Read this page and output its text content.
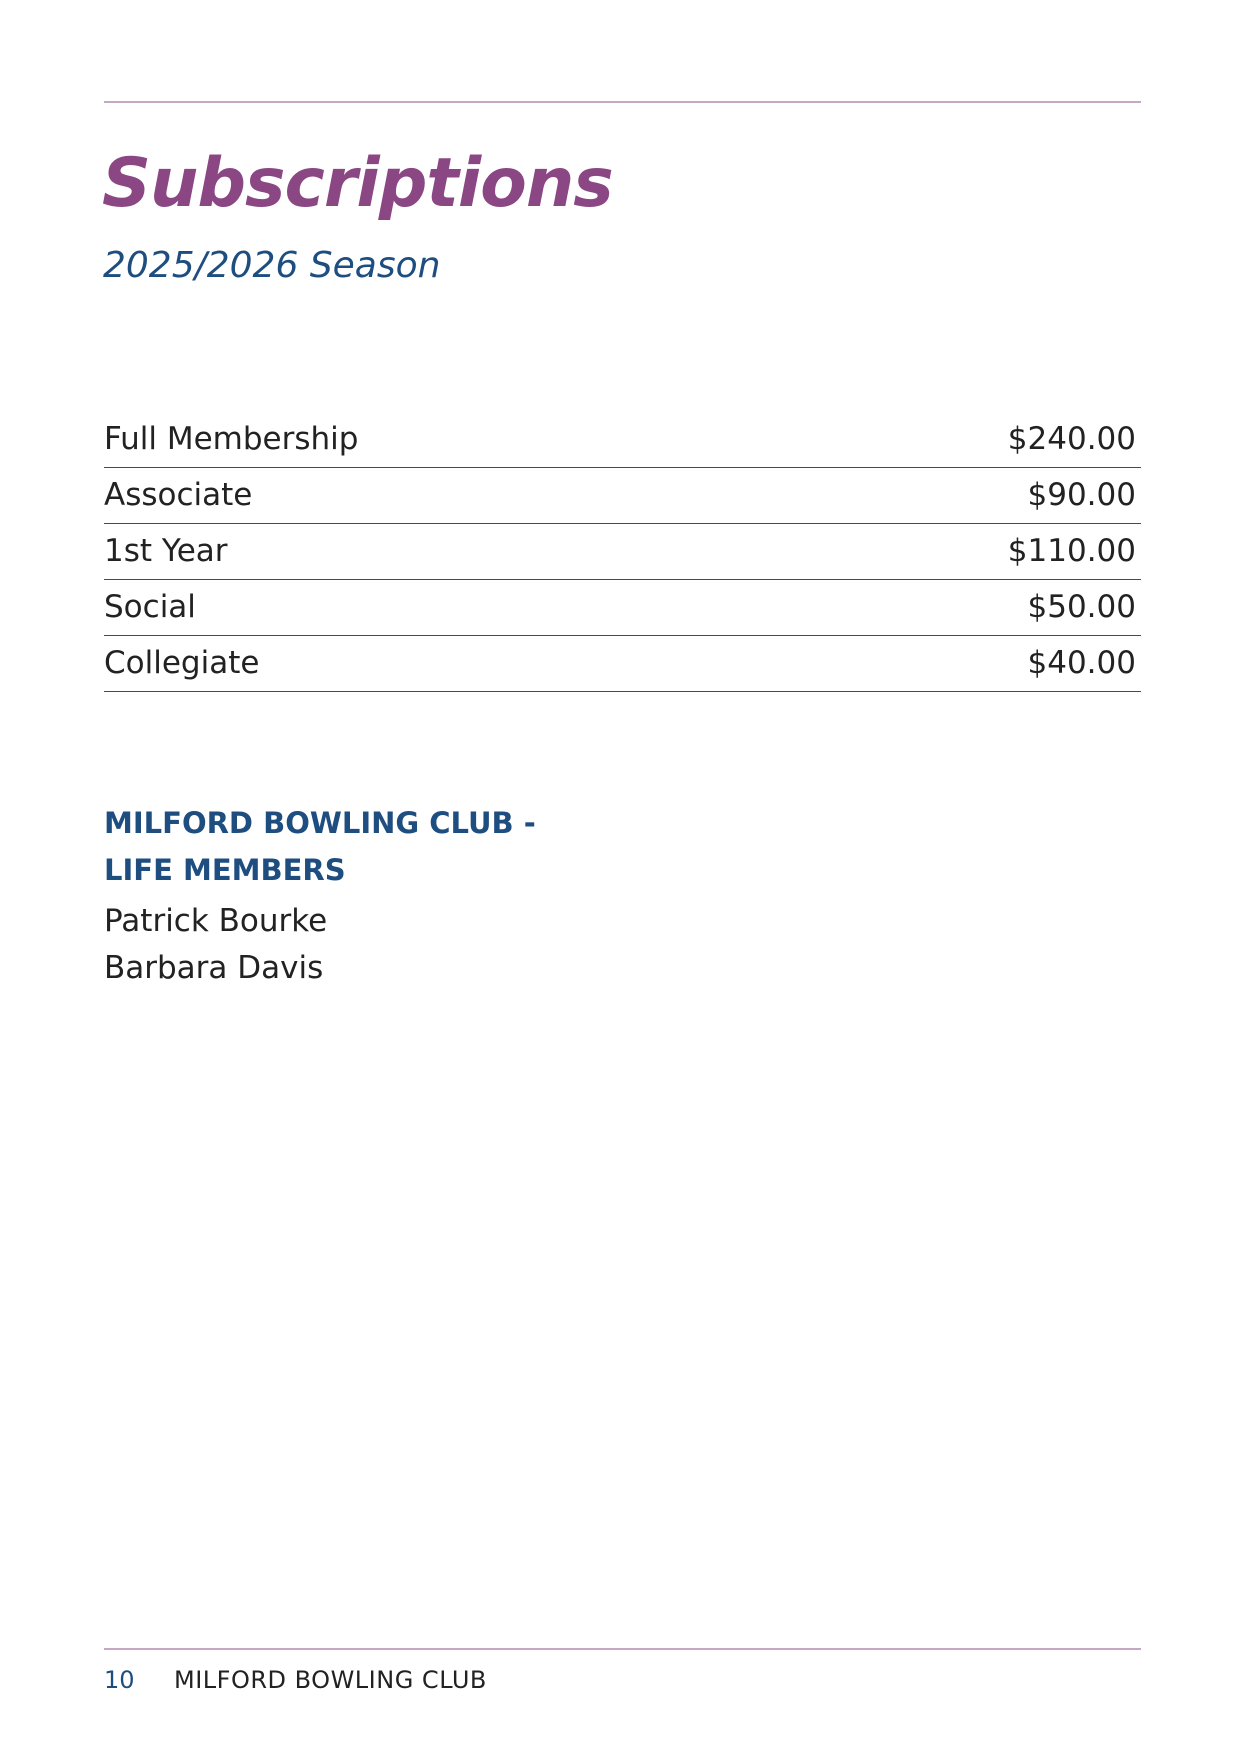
Subscriptions
2025/2026 Season
Full Membership	$240.00
Associate	$90.00
1st Year	$110.00
Social	$50.00
Collegiate	$40.00
MILFORD BOWLING CLUB -
LIFE MEMBERS
Patrick Bourke
Barbara Davis
10	MILFORD BOWLING CLUB
